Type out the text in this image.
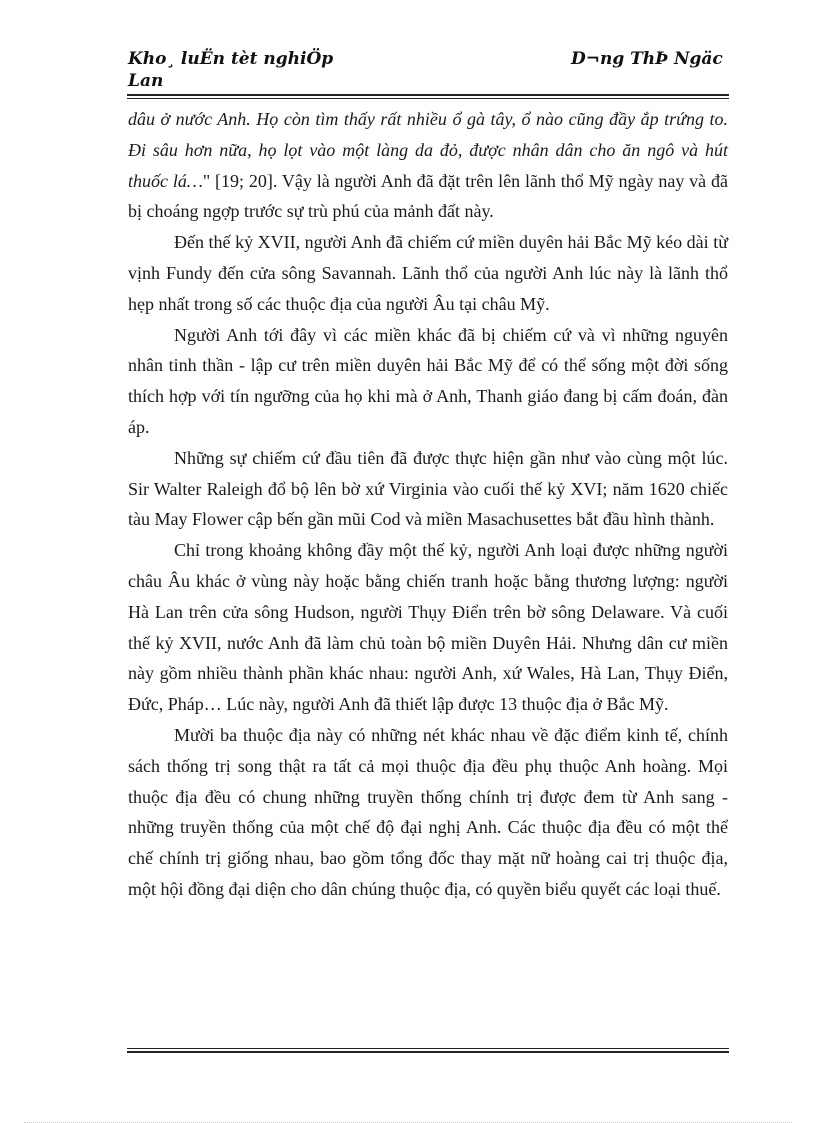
Kho¸ luËn tèt nghiÖp Lan
D¬ng ThÞ Ngäc

dâu ở nước Anh. Họ còn tìm thấy rất nhiều ổ gà tây, ổ nào cũng đầy ắp trứng to. Đi sâu hơn nữa, họ lọt vào một làng da đỏ, được nhân dân cho ăn ngô và hút thuốc lá…" [19; 20]. Vậy là người Anh đã đặt trên lên lãnh thổ Mỹ ngày nay và đã bị choáng ngợp trước sự trù phú của mảnh đất này.

Đến thế kỷ XVII, người Anh đã chiếm cứ miền duyên hải Bắc Mỹ kéo dài từ vịnh Fundy đến cửa sông Savannah. Lãnh thổ của người Anh lúc này là lãnh thổ hẹp nhất trong số các thuộc địa của người Âu tại châu Mỹ.

Người Anh tới đây vì các miền khác đã bị chiếm cứ và vì những nguyên nhân tinh thần - lập cư trên miền duyên hải Bắc Mỹ để có thể sống một đời sống thích hợp với tín ngưỡng của họ khi mà ở Anh, Thanh giáo đang bị cấm đoán, đàn áp.

Những sự chiếm cứ đầu tiên đã được thực hiện gần như vào cùng một lúc. Sir Walter Raleigh đổ bộ lên bờ xứ Virginia vào cuối thế kỷ XVI; năm 1620 chiếc tàu May Flower cập bến gần mũi Cod và miền Masachusettes bắt đầu hình thành.

Chỉ trong khoảng không đầy một thế kỷ, người Anh loại được những người châu Âu khác ở vùng này hoặc bằng chiến tranh hoặc bằng thương lượng: người Hà Lan trên cửa sông Hudson, người Thụy Điển trên bờ sông Delaware. Và cuối thế kỷ XVII, nước Anh đã làm chủ toàn bộ miền Duyên Hải. Nhưng dân cư miền này gồm nhiều thành phần khác nhau: người Anh, xứ Wales, Hà Lan, Thụy Điển, Đức, Pháp… Lúc này, người Anh đã thiết lập được 13 thuộc địa ở Bắc Mỹ.

Mười ba thuộc địa này có những nét khác nhau về đặc điểm kinh tế, chính sách thống trị song thật ra tất cả mọi thuộc địa đều phụ thuộc Anh hoàng. Mọi thuộc địa đều có chung những truyền thống chính trị được đem từ Anh sang - những truyền thống của một chế độ đại nghị Anh. Các thuộc địa đều có một thể chế chính trị giống nhau, bao gồm tổng đốc thay mặt nữ hoàng cai trị thuộc địa, một hội đồng đại diện cho dân chúng thuộc địa, có quyền biểu quyết các loại thuế.
